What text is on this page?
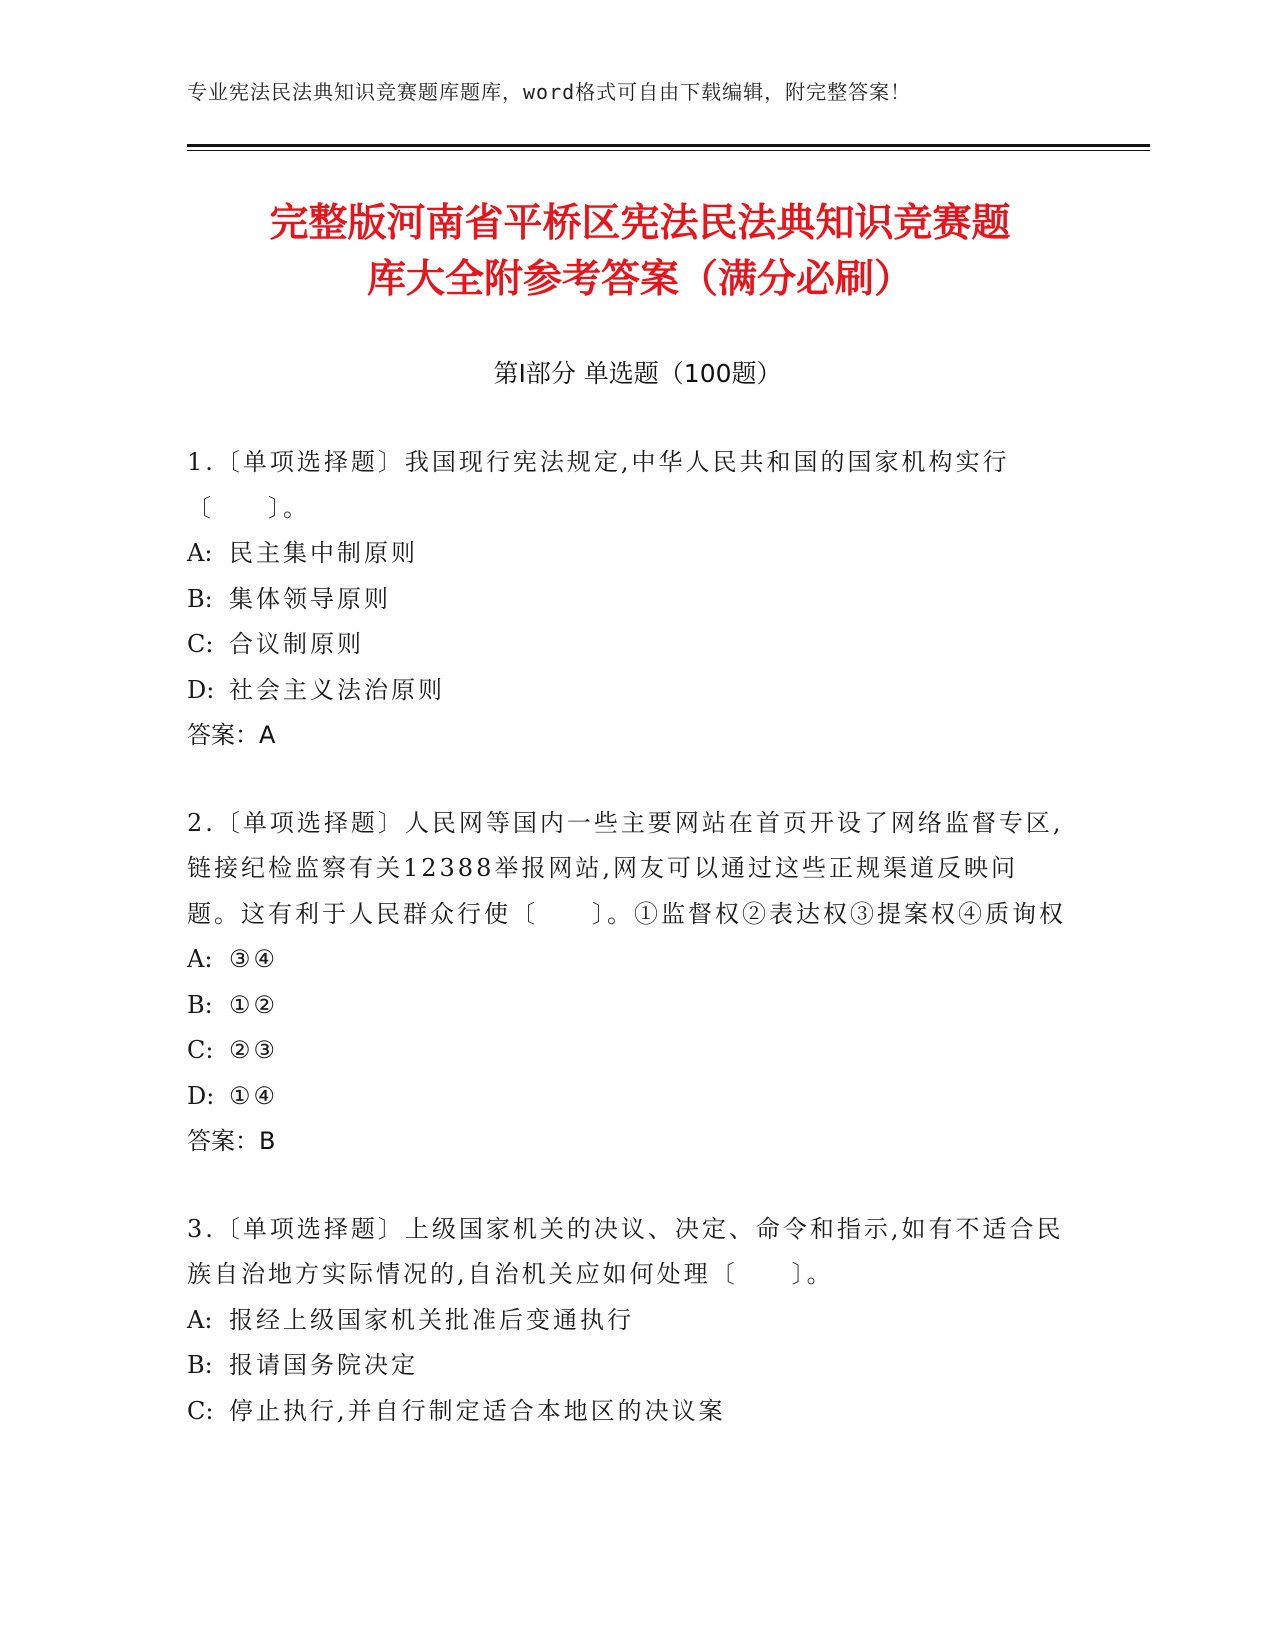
专业宪法民法典知识竞赛题库题库，word格式可自由下载编辑，附完整答案！
完整版河南省平桥区宪法民法典知识竞赛题
库大全附参考答案（满分必刷）
第Ⅰ部分 单选题（100题）

1.〔单项选择题〕我国现行宪法规定,中华人民共和国的国家机构实行〔　　〕。

A: 民主集中制原则

B: 集体领导原则

C: 合议制原则

D: 社会主义法治原则

答案：A

2.〔单项选择题〕人民网等国内一些主要网站在首页开设了网络监督专区,链接纪检监察有关12388举报网站,网友可以通过这些正规渠道反映问题。这有利于人民群众行使〔　　〕。①监督权②表达权③提案权④质询权

A: ③④

B: ①②

C: ②③

D: ①④

答案：B

3.〔单项选择题〕上级国家机关的决议、决定、命令和指示,如有不适合民族自治地方实际情况的,自治机关应如何处理〔　　〕。

A: 报经上级国家机关批准后变通执行

B: 报请国务院决定

C: 停止执行,并自行制定适合本地区的决议案
